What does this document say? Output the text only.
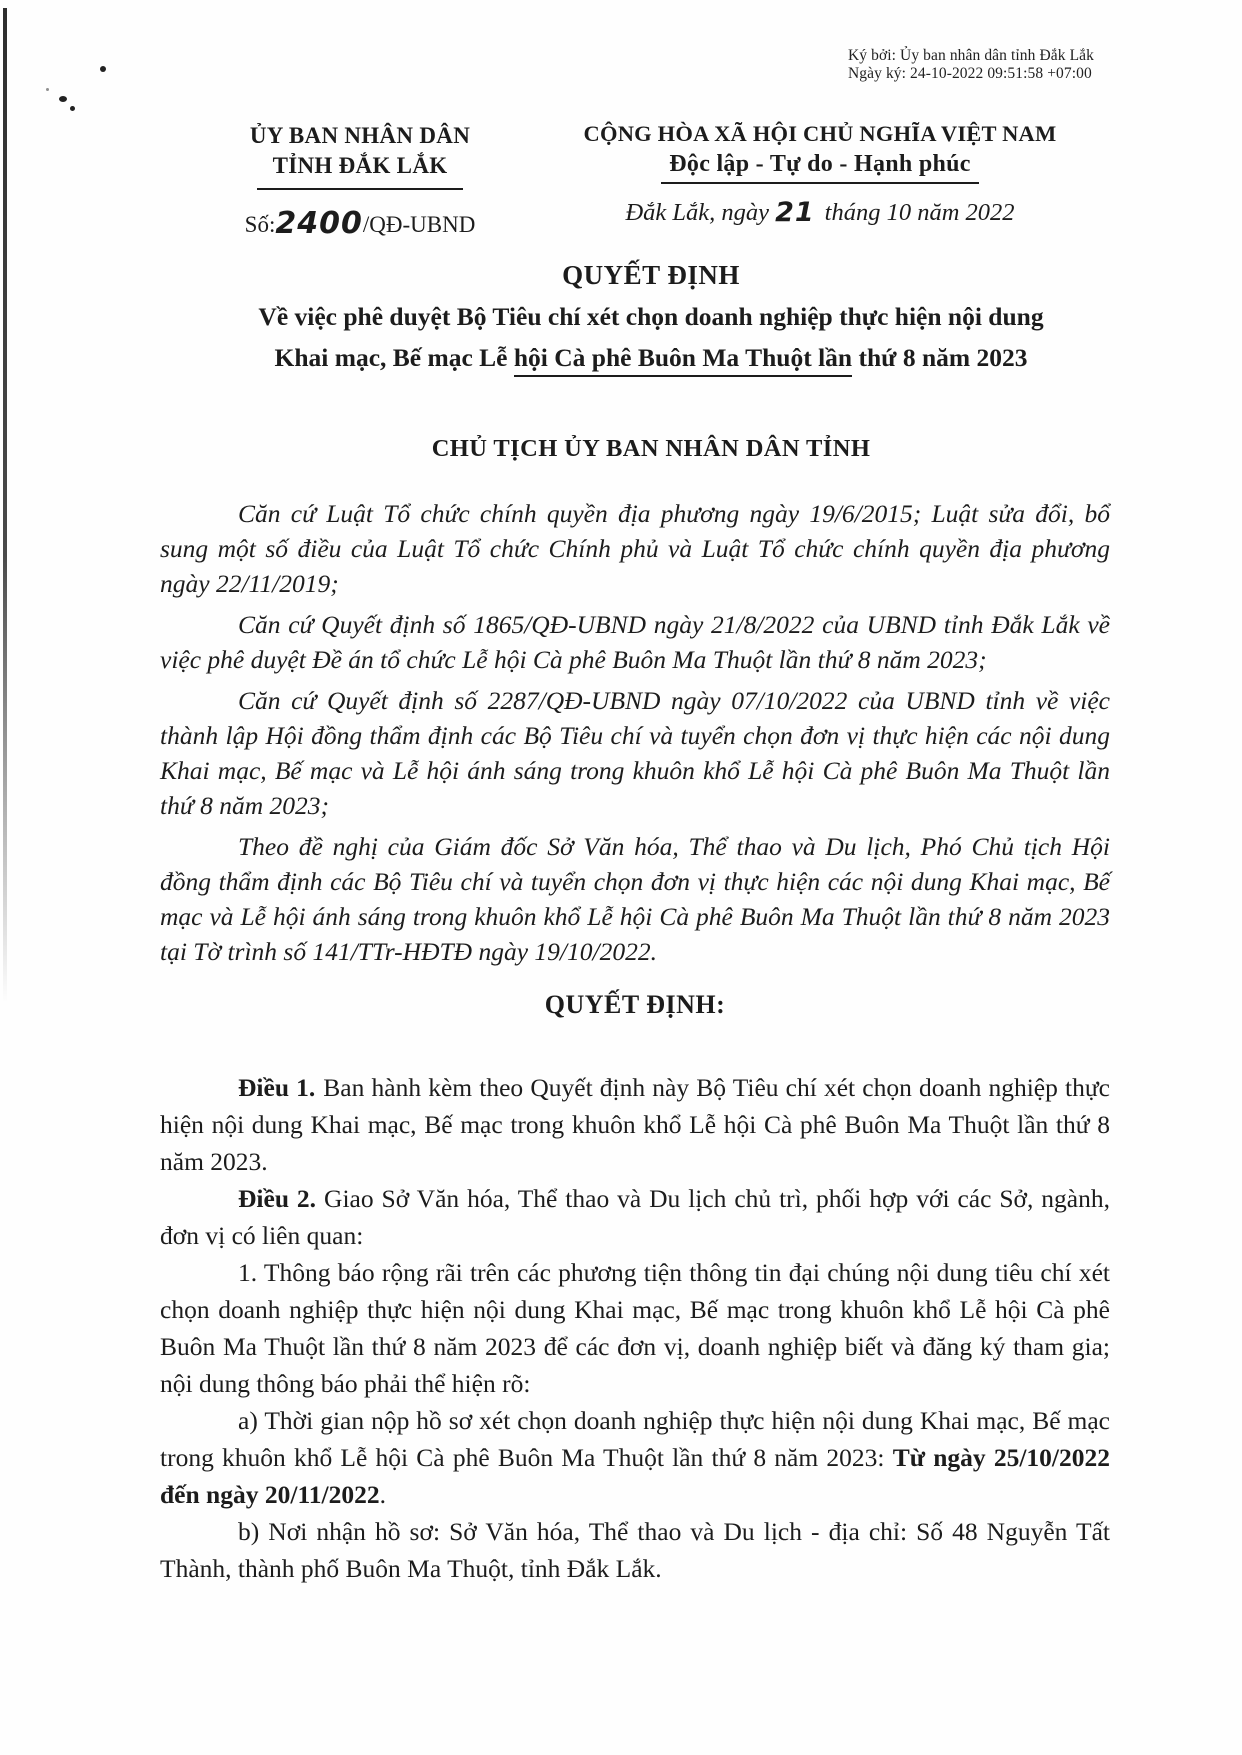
Ký bởi: Ủy ban nhân dân tỉnh Đắk Lắk
Ngày ký: 24-10-2022 09:51:58 +07:00
ỦY BAN NHÂN DÂN
TỈNH ĐẮK LẮK
Số:2400/QĐ-UBND
CỘNG HÒA XÃ HỘI CHỦ NGHĨA VIỆT NAM
Độc lập - Tự do - Hạnh phúc
Đắk Lắk, ngày 21 tháng 10 năm 2022
QUYẾT ĐỊNH
Về việc phê duyệt Bộ Tiêu chí xét chọn doanh nghiệp thực hiện nội dung
Khai mạc, Bế mạc Lễ hội Cà phê Buôn Ma Thuột lần thứ 8 năm 2023
CHỦ TỊCH ỦY BAN NHÂN DÂN TỈNH

Căn cứ Luật Tổ chức chính quyền địa phương ngày 19/6/2015; Luật sửa đổi, bổ sung một số điều của Luật Tổ chức Chính phủ và Luật Tổ chức chính quyền địa phương ngày 22/11/2019;

Căn cứ Quyết định số 1865/QĐ-UBND ngày 21/8/2022 của UBND tỉnh Đắk Lắk về việc phê duyệt Đề án tổ chức Lễ hội Cà phê Buôn Ma Thuột lần thứ 8 năm 2023;

Căn cứ Quyết định số 2287/QĐ-UBND ngày 07/10/2022 của UBND tỉnh về việc thành lập Hội đồng thẩm định các Bộ Tiêu chí và tuyển chọn đơn vị thực hiện các nội dung Khai mạc, Bế mạc và Lễ hội ánh sáng trong khuôn khổ Lễ hội Cà phê Buôn Ma Thuột lần thứ 8 năm 2023;

Theo đề nghị của Giám đốc Sở Văn hóa, Thể thao và Du lịch, Phó Chủ tịch Hội đồng thẩm định các Bộ Tiêu chí và tuyển chọn đơn vị thực hiện các nội dung Khai mạc, Bế mạc và Lễ hội ánh sáng trong khuôn khổ Lễ hội Cà phê Buôn Ma Thuột lần thứ 8 năm 2023 tại Tờ trình số 141/TTr-HĐTĐ ngày 19/10/2022.

QUYẾT ĐỊNH:

Điều 1. Ban hành kèm theo Quyết định này Bộ Tiêu chí xét chọn doanh nghiệp thực hiện nội dung Khai mạc, Bế mạc trong khuôn khổ Lễ hội Cà phê Buôn Ma Thuột lần thứ 8 năm 2023.

Điều 2. Giao Sở Văn hóa, Thể thao và Du lịch chủ trì, phối hợp với các Sở, ngành, đơn vị có liên quan:

1. Thông báo rộng rãi trên các phương tiện thông tin đại chúng nội dung tiêu chí xét chọn doanh nghiệp thực hiện nội dung Khai mạc, Bế mạc trong khuôn khổ Lễ hội Cà phê Buôn Ma Thuột lần thứ 8 năm 2023 để các đơn vị, doanh nghiệp biết và đăng ký tham gia; nội dung thông báo phải thể hiện rõ:

a) Thời gian nộp hồ sơ xét chọn doanh nghiệp thực hiện nội dung Khai mạc, Bế mạc trong khuôn khổ Lễ hội Cà phê Buôn Ma Thuột lần thứ 8 năm 2023: Từ ngày 25/10/2022 đến ngày 20/11/2022.

b) Nơi nhận hồ sơ: Sở Văn hóa, Thể thao và Du lịch - địa chỉ: Số 48 Nguyễn Tất Thành, thành phố Buôn Ma Thuột, tỉnh Đắk Lắk.
